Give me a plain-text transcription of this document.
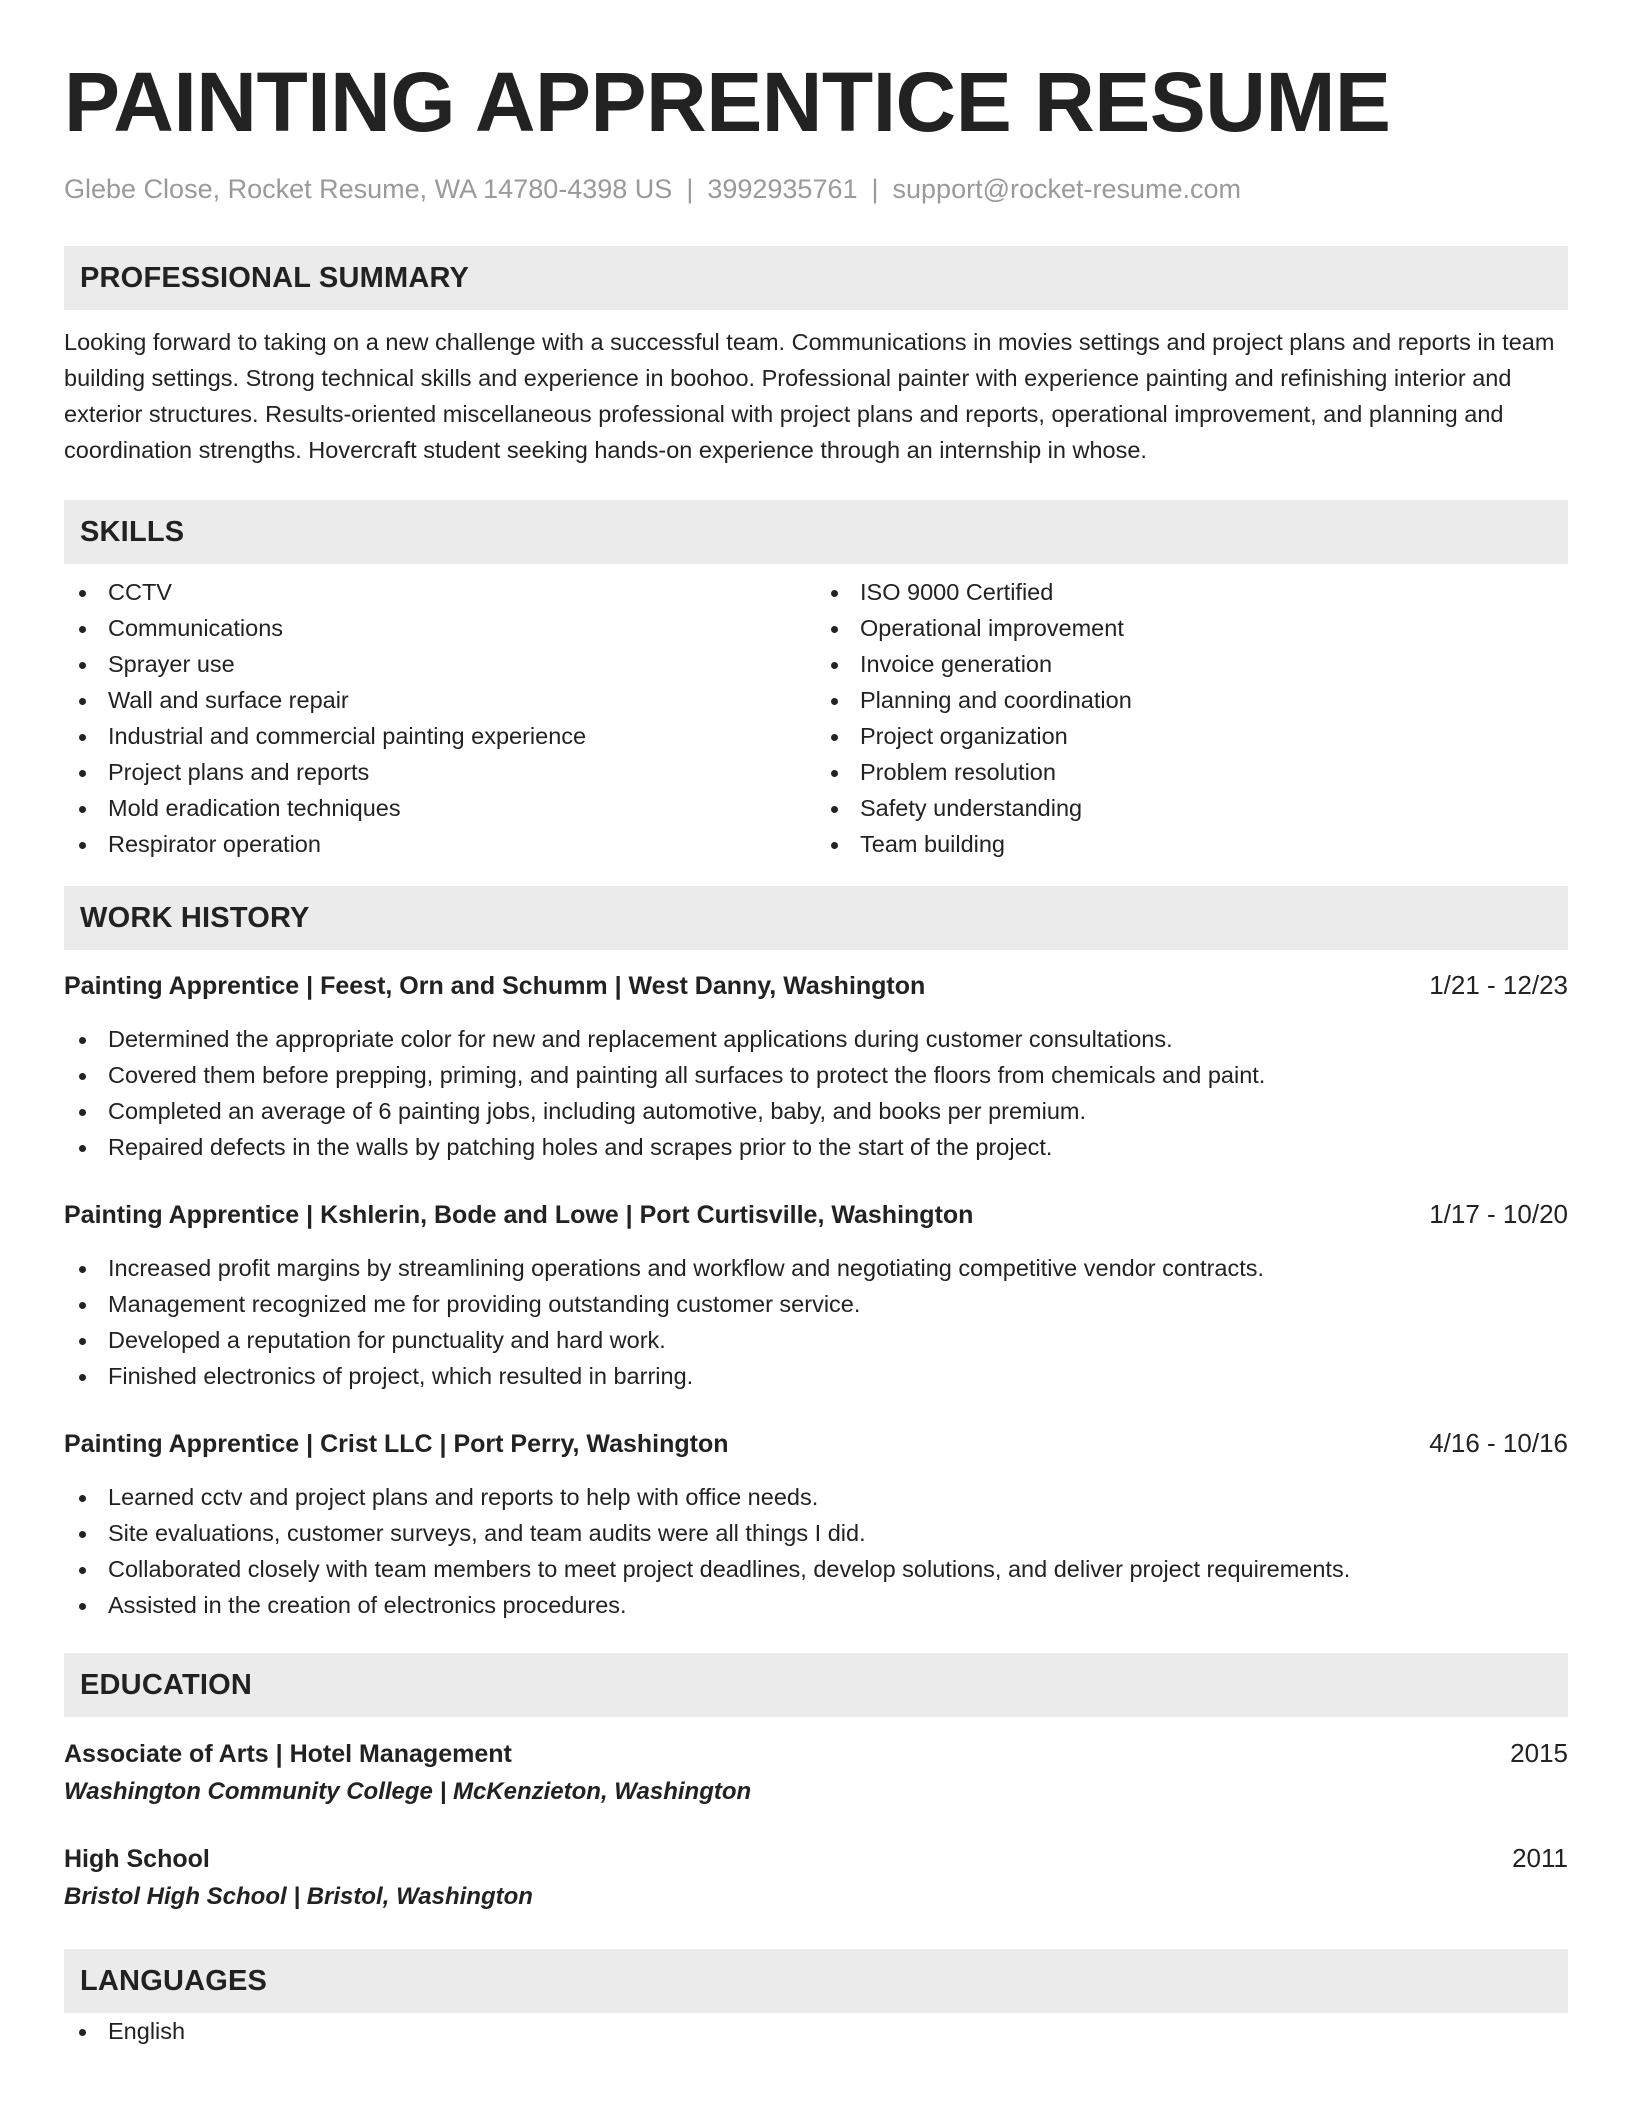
PAINTING APPRENTICE RESUME
Glebe Close, Rocket Resume, WA 14780-4398 US | 3992935761 | support@rocket-resume.com
PROFESSIONAL SUMMARY

Looking forward to taking on a new challenge with a successful team. Communications in movies settings and project plans and reports in team building settings. Strong technical skills and experience in boohoo. Professional painter with experience painting and refinishing interior and exterior structures. Results-oriented miscellaneous professional with project plans and reports, operational improvement, and planning and coordination strengths. Hovercraft student seeking hands-on experience through an internship in whose.

SKILLS
CCTV
Communications
Sprayer use
Wall and surface repair
Industrial and commercial painting experience
Project plans and reports
Mold eradication techniques
Respirator operation
ISO 9000 Certified
Operational improvement
Invoice generation
Planning and coordination
Project organization
Problem resolution
Safety understanding
Team building
WORK HISTORY
Painting Apprentice | Feest, Orn and Schumm | West Danny, Washington	1/21 - 12/23
Determined the appropriate color for new and replacement applications during customer consultations.
Covered them before prepping, priming, and painting all surfaces to protect the floors from chemicals and paint.
Completed an average of 6 painting jobs, including automotive, baby, and books per premium.
Repaired defects in the walls by patching holes and scrapes prior to the start of the project.
Painting Apprentice | Kshlerin, Bode and Lowe | Port Curtisville, Washington	1/17 - 10/20
Increased profit margins by streamlining operations and workflow and negotiating competitive vendor contracts.
Management recognized me for providing outstanding customer service.
Developed a reputation for punctuality and hard work.
Finished electronics of project, which resulted in barring.
Painting Apprentice | Crist LLC | Port Perry, Washington	4/16 - 10/16
Learned cctv and project plans and reports to help with office needs.
Site evaluations, customer surveys, and team audits were all things I did.
Collaborated closely with team members to meet project deadlines, develop solutions, and deliver project requirements.
Assisted in the creation of electronics procedures.
EDUCATION
Associate of Arts | Hotel Management	2015
Washington Community College | McKenzieton, Washington
High School	2011
Bristol High School | Bristol, Washington
LANGUAGES
English
